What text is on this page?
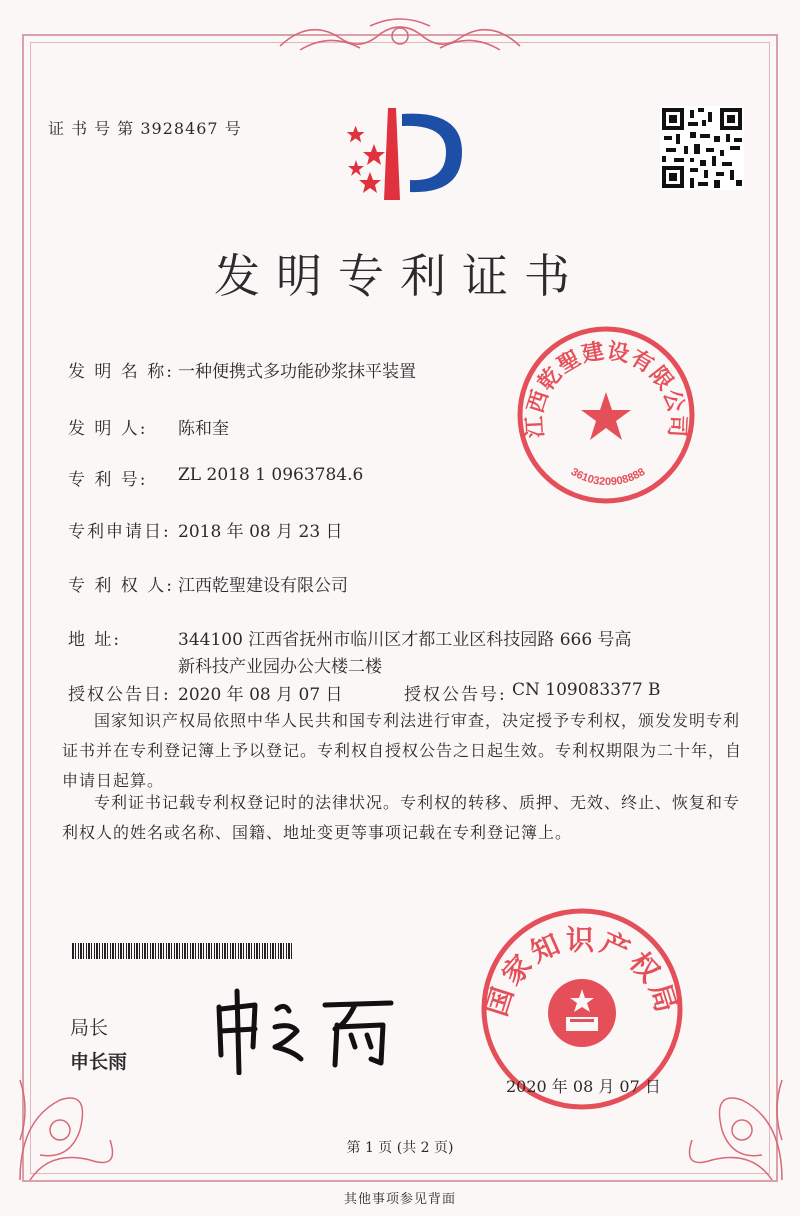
证 书 号 第 3928467 号
发明专利证书
发 明 名 称: 一种便携式多功能砂浆抹平装置
发 明 人: 陈和奎
专 利 号: ZL 2018 1 0963784.6
专利申请日: 2018 年 08 月 23 日
专 利 权 人: 江西乾聖建设有限公司
地 址:	344100 江西省抚州市临川区才都工业区科技园路 666 号高
新科技产业园办公大楼二楼
授权公告日: 2020 年 08 月 07 日	授权公告号: CN 109083377 B
国家知识产权局依照中华人民共和国专利法进行审查，决定授予专利权，颁发发明专利证书并在专利登记簿上予以登记。专利权自授权公告之日起生效。专利权期限为二十年，自申请日起算。
专利证书记载专利权登记时的法律状况。专利权的转移、质押、无效、终止、恢复和专利权人的姓名或名称、国籍、地址变更等事项记载在专利登记簿上。
江西乾聖建设有限公司
3610320908888
局长
申长雨
国家知识产权局
2020 年 08 月 07 日
第 1 页 (共 2 页)
其他事项参见背面
